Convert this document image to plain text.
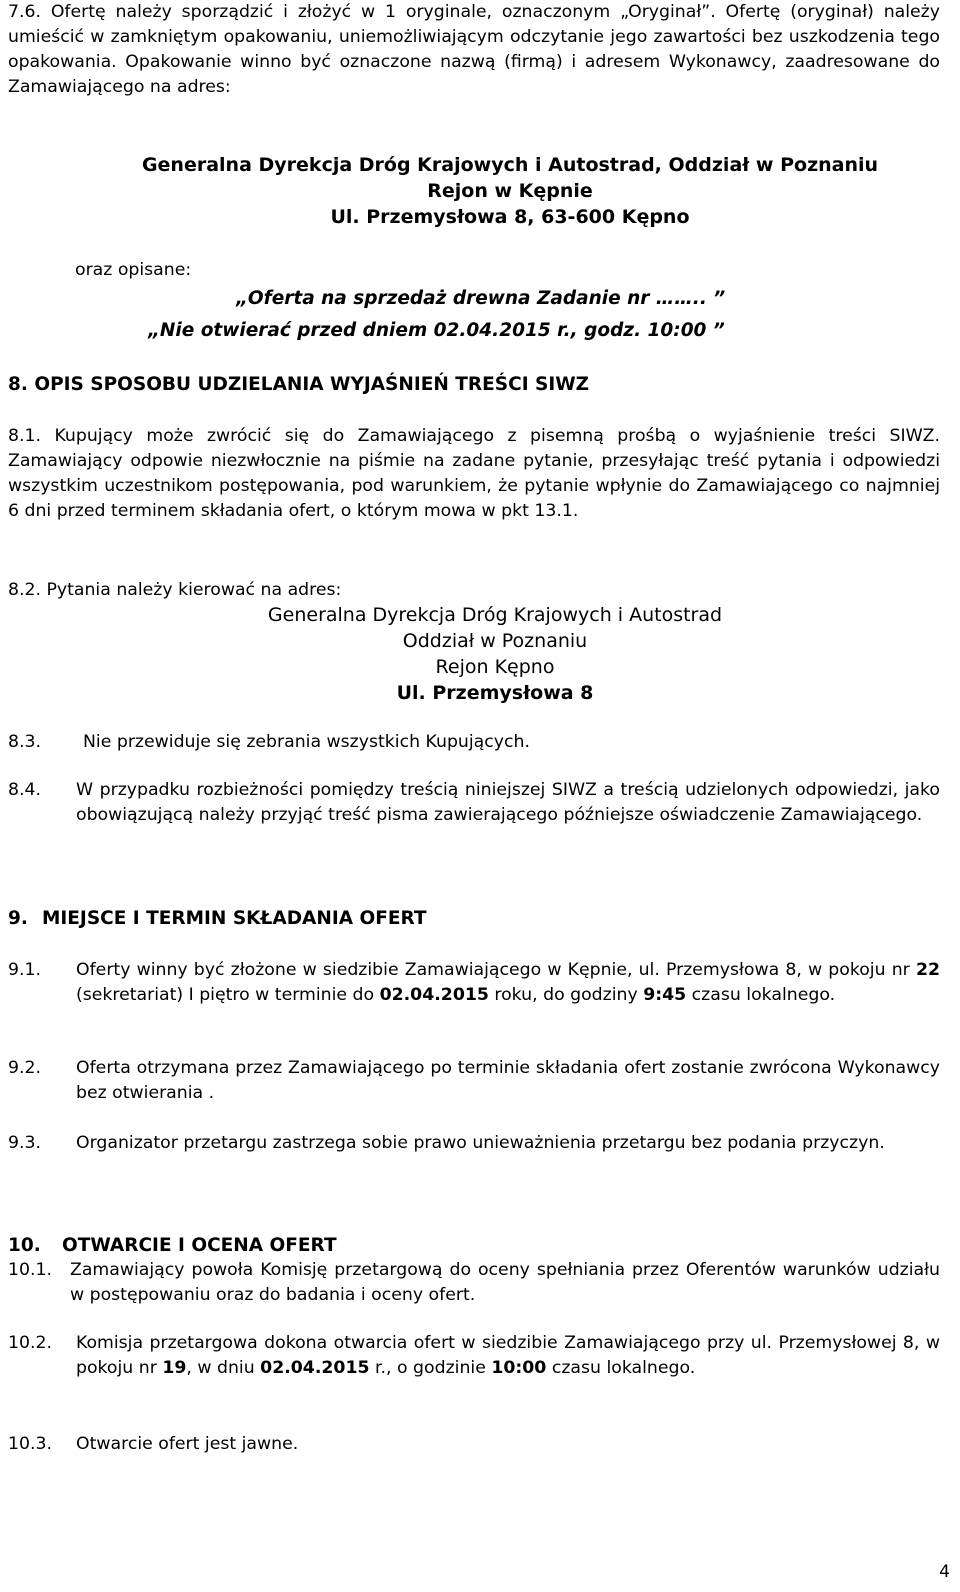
7.6. Ofertę należy sporządzić i złożyć w 1 oryginale, oznaczonym „Oryginał”. Ofertę (oryginał) należy umieścić w zamkniętym opakowaniu, uniemożliwiającym odczytanie jego zawartości bez uszkodzenia tego opakowania. Opakowanie winno być oznaczone nazwą (firmą) i adresem Wykonawcy, zaadresowane do Zamawiającego na adres:
Generalna Dyrekcja Dróg Krajowych i Autostrad, Oddział w Poznaniu
Rejon w Kępnie
Ul. Przemysłowa 8, 63-600 Kępno
oraz opisane:
„Oferta na sprzedaż drewna Zadanie nr …….. ”
„Nie otwierać przed dniem 02.04.2015 r., godz. 10:00 ”
8. OPIS SPOSOBU UDZIELANIA WYJAŚNIEŃ TREŚCI SIWZ
8.1. Kupujący może zwrócić się do Zamawiającego z pisemną prośbą o wyjaśnienie treści SIWZ. Zamawiający odpowie niezwłocznie na piśmie na zadane pytanie, przesyłając treść pytania i odpowiedzi wszystkim uczestnikom postępowania, pod warunkiem, że pytanie wpłynie do Zamawiającego co najmniej 6 dni przed terminem składania ofert, o którym mowa w pkt 13.1.
8.2. Pytania należy kierować na adres:
Generalna Dyrekcja Dróg Krajowych i Autostrad
Oddział w Poznaniu
Rejon Kępno
Ul. Przemysłowa 8
8.3. Nie przewiduje się zebrania wszystkich Kupujących.
8.4. W przypadku rozbieżności pomiędzy treścią niniejszej SIWZ a treścią udzielonych odpowiedzi, jako obowiązującą należy przyjąć treść pisma zawierającego późniejsze oświadczenie Zamawiającego.
9. MIEJSCE I TERMIN SKŁADANIA OFERT
9.1. Oferty winny być złożone w siedzibie Zamawiającego w Kępnie, ul. Przemysłowa 8, w pokoju nr 22 (sekretariat) I piętro w terminie do 02.04.2015 roku, do godziny 9:45 czasu lokalnego.
9.2. Oferta otrzymana przez Zamawiającego po terminie składania ofert zostanie zwrócona Wykonawcy bez otwierania .
9.3. Organizator przetargu zastrzega sobie prawo unieważnienia przetargu bez podania przyczyn.
10. OTWARCIE I OCENA OFERT
10.1. Zamawiający powoła Komisję przetargową do oceny spełniania przez Oferentów warunków udziału w postępowaniu oraz do badania i oceny ofert.
10.2. Komisja przetargowa dokona otwarcia ofert w siedzibie Zamawiającego przy ul. Przemysłowej 8, w pokoju nr 19, w dniu 02.04.2015 r., o godzinie 10:00 czasu lokalnego.
10.3. Otwarcie ofert jest jawne.
4
